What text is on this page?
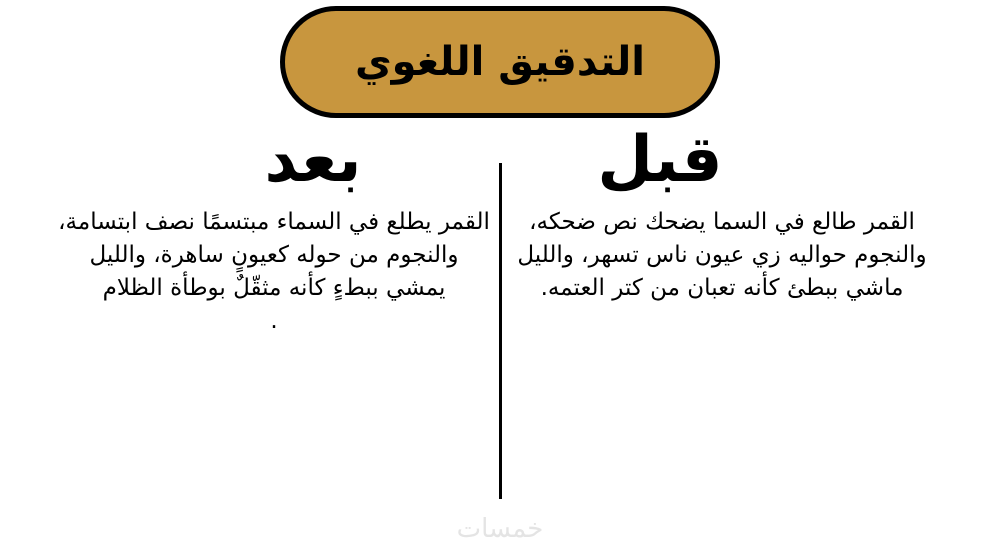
التدقيق اللغوي
قبل
بعد
القمر طالع في السما يضحك نص ضحكه، والنجوم حواليه زي عيون ناس تسهر، والليل ماشي ببطئ كأنه تعبان من كتر العتمه.
القمر يطلع في السماء مبتسمًا نصف ابتسامة، والنجوم من حوله كعيونٍ ساهرة، والليل يمشي ببطءٍ كأنه مثقّلٌ بوطأة الظلام
.
خمسات
